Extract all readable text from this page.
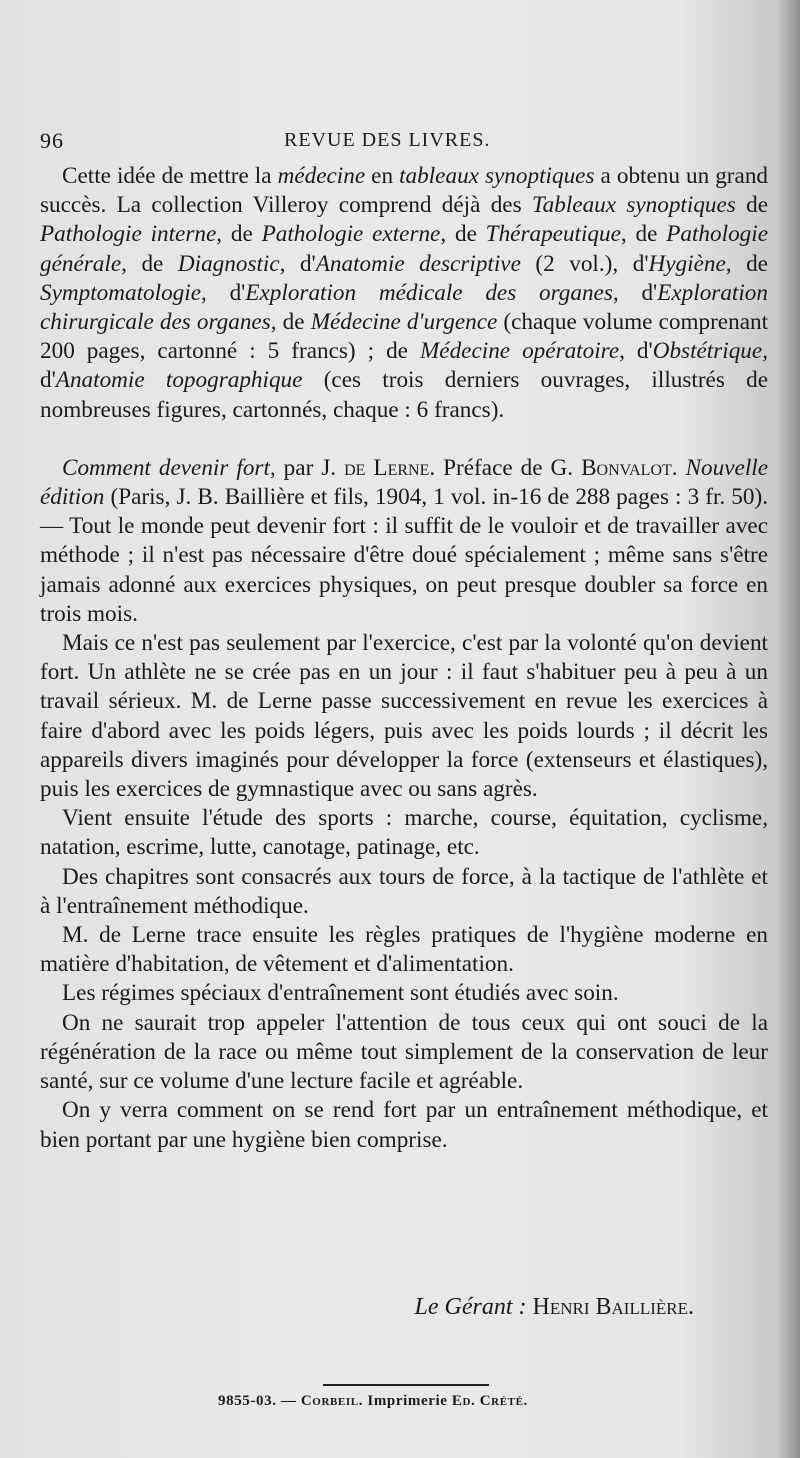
96	REVUE DES LIVRES.

Cette idée de mettre la médecine en tableaux synoptiques a obtenu un grand succès. La collection Villeroy comprend déjà des Tableaux synoptiques de Pathologie interne, de Pathologie externe, de Thérapeutique, de Pathologie générale, de Diagnostic, d'Anatomie descriptive (2 vol.), d'Hygiène, de Symptomatologie, d'Exploration médicale des organes, d'Exploration chirurgicale des organes, de Médecine d'urgence (chaque volume comprenant 200 pages, cartonné : 5 francs) ; de Médecine opératoire, d'Obstétrique, d'Anatomie topographique (ces trois derniers ouvrages, illustrés de nombreuses figures, cartonnés, chaque : 6 francs).

Comment devenir fort, par J. de Lerne. Préface de G. Bonvalot. Nouvelle édition (Paris, J. B. Baillière et fils, 1904, 1 vol. in-16 de 288 pages : 3 fr. 50). — Tout le monde peut devenir fort : il suffit de le vouloir et de travailler avec méthode ; il n'est pas nécessaire d'être doué spécialement ; même sans s'être jamais adonné aux exercices physiques, on peut presque doubler sa force en trois mois.

Mais ce n'est pas seulement par l'exercice, c'est par la volonté qu'on devient fort. Un athlète ne se crée pas en un jour : il faut s'habituer peu à peu à un travail sérieux. M. de Lerne passe successivement en revue les exercices à faire d'abord avec les poids légers, puis avec les poids lourds ; il décrit les appareils divers imaginés pour développer la force (extenseurs et élastiques), puis les exercices de gymnastique avec ou sans agrès.

Vient ensuite l'étude des sports : marche, course, équitation, cyclisme, natation, escrime, lutte, canotage, patinage, etc.

Des chapitres sont consacrés aux tours de force, à la tactique de l'athlète et à l'entraînement méthodique.

M. de Lerne trace ensuite les règles pratiques de l'hygiène moderne en matière d'habitation, de vêtement et d'alimentation.

Les régimes spéciaux d'entraînement sont étudiés avec soin.

On ne saurait trop appeler l'attention de tous ceux qui ont souci de la régénération de la race ou même tout simplement de la conservation de leur santé, sur ce volume d'une lecture facile et agréable.

On y verra comment on se rend fort par un entraînement méthodique, et bien portant par une hygiène bien comprise.

Le Gérant : Henri Baillière.
9855-03. — Corbeil. Imprimerie Ed. Crété.
